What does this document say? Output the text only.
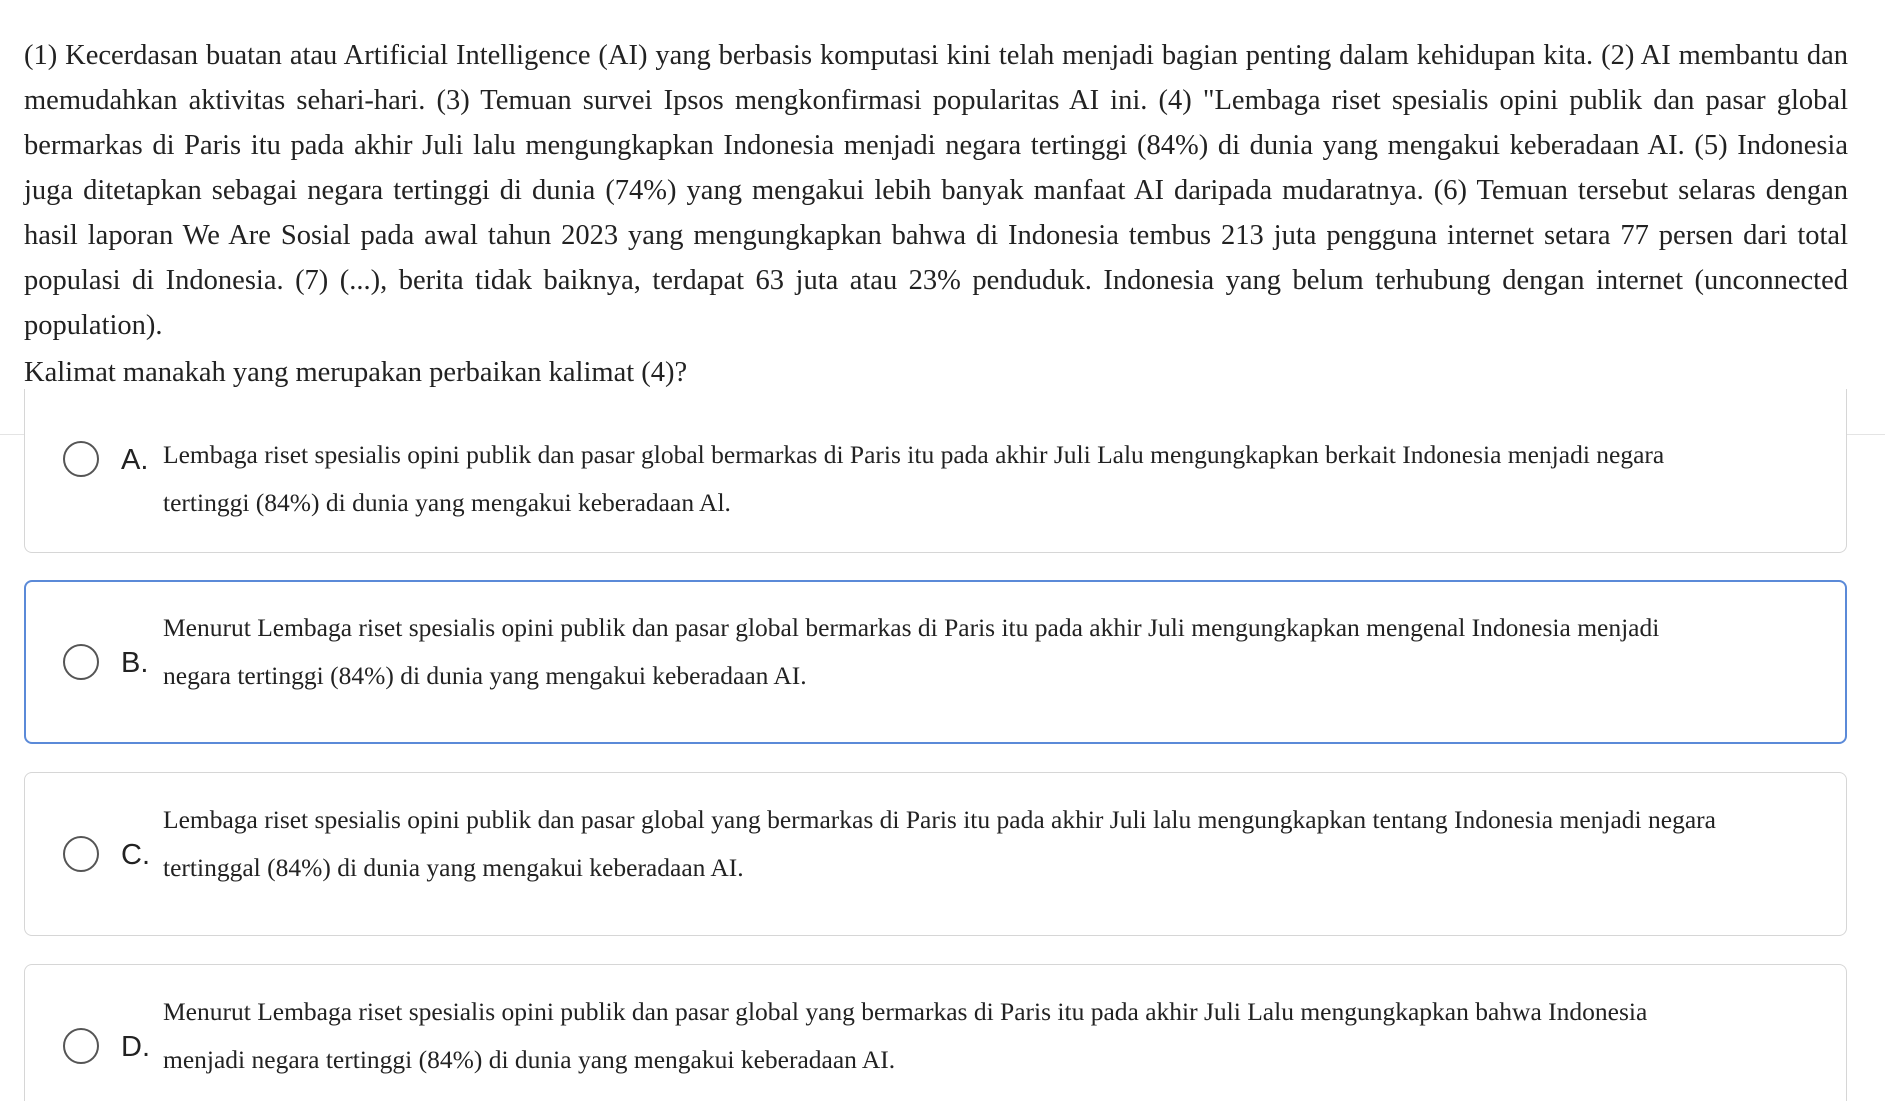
(1) Kecerdasan buatan atau Artificial Intelligence (AI) yang berbasis komputasi kini telah menjadi bagian penting dalam kehidupan kita. (2) AI membantu dan memudahkan aktivitas sehari-hari. (3) Temuan survei Ipsos mengkonfirmasi popularitas AI ini. (4) "Lembaga riset spesialis opini publik dan pasar global bermarkas di Paris itu pada akhir Juli lalu mengungkapkan Indonesia menjadi negara tertinggi (84%) di dunia yang mengakui keberadaan AI. (5) Indonesia juga ditetapkan sebagai negara tertinggi di dunia (74%) yang mengakui lebih banyak manfaat AI daripada mudaratnya. (6) Temuan tersebut selaras dengan hasil laporan We Are Sosial pada awal tahun 2023 yang mengungkapkan bahwa di Indonesia tembus 213 juta pengguna internet setara 77 persen dari total populasi di Indonesia. (7) (...), berita tidak baiknya, terdapat 63 juta atau 23% penduduk. Indonesia yang belum terhubung dengan internet (unconnected population).
Kalimat manakah yang merupakan perbaikan kalimat (4)?
A. Lembaga riset spesialis opini publik dan pasar global bermarkas di Paris itu pada akhir Juli Lalu mengungkapkan berkait Indonesia menjadi negara
tertinggi (84%) di dunia yang mengakui keberadaan Al.
B.
Menurut Lembaga riset spesialis opini publik dan pasar global bermarkas di Paris itu pada akhir Juli mengungkapkan mengenal Indonesia menjadi
negara tertinggi (84%) di dunia yang mengakui keberadaan AI.
C.
Lembaga riset spesialis opini publik dan pasar global yang bermarkas di Paris itu pada akhir Juli lalu mengungkapkan tentang Indonesia menjadi negara
tertinggal (84%) di dunia yang mengakui keberadaan AI.
D.
Menurut Lembaga riset spesialis opini publik dan pasar global yang bermarkas di Paris itu pada akhir Juli Lalu mengungkapkan bahwa Indonesia
menjadi negara tertinggi (84%) di dunia yang mengakui keberadaan AI.
